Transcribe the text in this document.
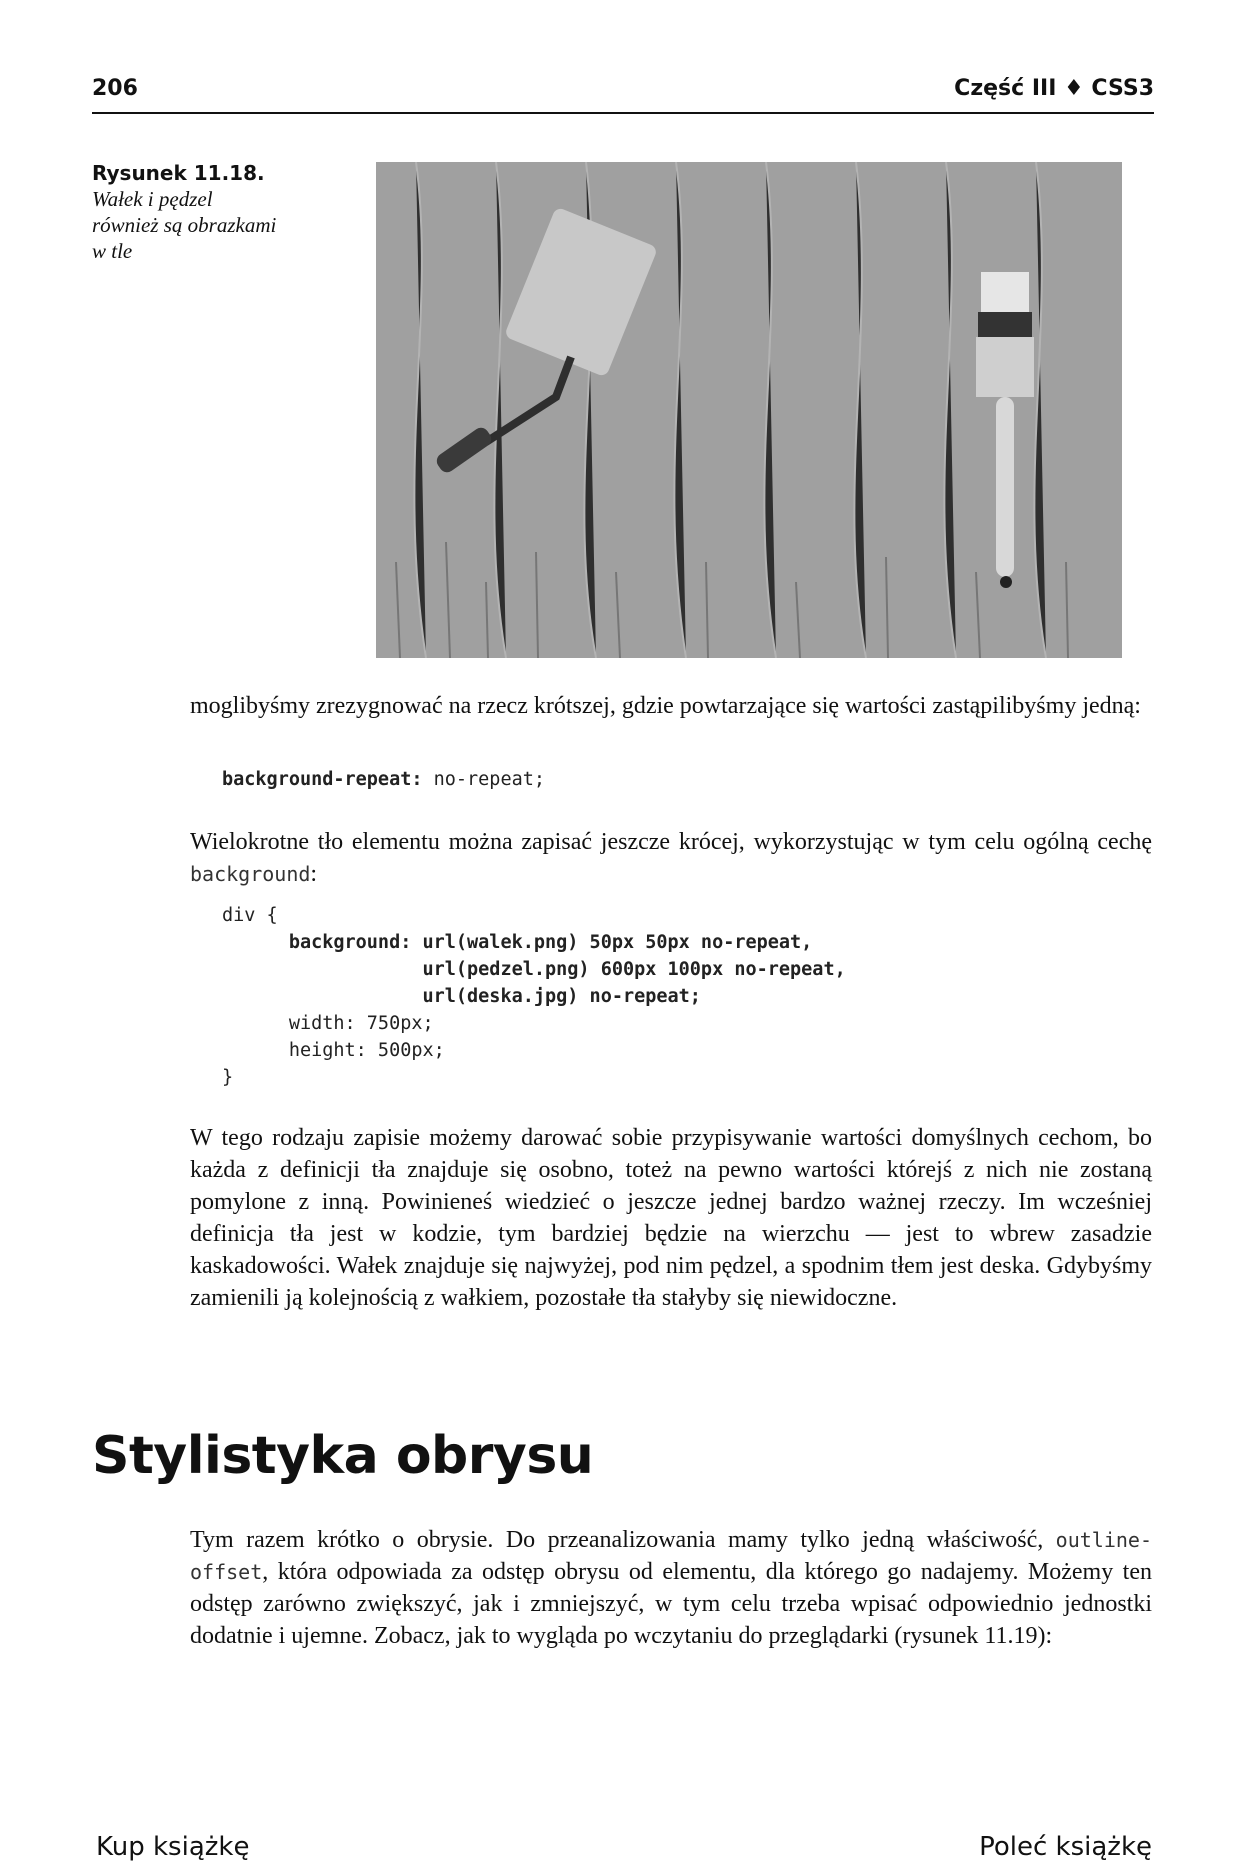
206	Część III ♦ CSS3
Rysunek 11.18.
Wałek i pędzel
również są obrazkami
w tle
moglibyśmy zrezygnować na rzecz krótszej, gdzie powtarzające się wartości zastąpilibyśmy jedną:
background-repeat: no-repeat;
Wielokrotne tło elementu można zapisać jeszcze krócej, wykorzystując w tym celu ogólną cechę background:
div {
background: url(walek.png) 50px 50px no-repeat,
url(pedzel.png) 600px 100px no-repeat,
url(deska.jpg) no-repeat;
width: 750px;
height: 500px;
}
W tego rodzaju zapisie możemy darować sobie przypisywanie wartości domyślnych cechom, bo każda z definicji tła znajduje się osobno, toteż na pewno wartości którejś z nich nie zostaną pomylone z inną. Powinieneś wiedzieć o jeszcze jednej bardzo ważnej rzeczy. Im wcześniej definicja tła jest w kodzie, tym bardziej będzie na wierzchu — jest to wbrew zasadzie kaskadowości. Wałek znajduje się najwyżej, pod nim pędzel, a spodnim tłem jest deska. Gdybyśmy zamienili ją kolejnością z wałkiem, pozostałe tła stałyby się niewidoczne.
Stylistyka obrysu
Tym razem krótko o obrysie. Do przeanalizowania mamy tylko jedną właściwość, outline-offset, która odpowiada za odstęp obrysu od elementu, dla którego go nadajemy. Możemy ten odstęp zarówno zwiększyć, jak i zmniejszyć, w tym celu trzeba wpisać odpowiednio jednostki dodatnie i ujemne. Zobacz, jak to wygląda po wczytaniu do przeglądarki (rysunek 11.19):
Kup książkę	Poleć książkę
